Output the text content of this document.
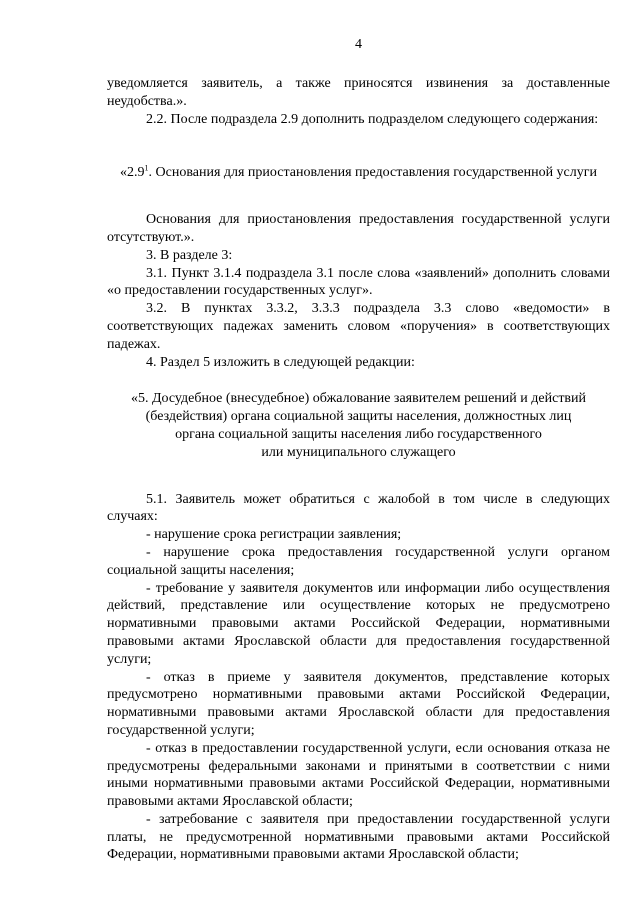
4

уведомляется заявитель, а также приносятся извинения за доставленные неудобства.».

2.2. После подраздела 2.9 дополнить подразделом следующего содержания:

«$2.9^1$. Основания для приостановления предоставления государственной услуги

Основания для приостановления предоставления государственной услуги отсутствуют.».

3. В разделе 3:

3.1. Пункт 3.1.4 подраздела 3.1 после слова «заявлений» дополнить словами «о предоставлении государственных услуг».

3.2. В пунктах 3.3.2, 3.3.3 подраздела 3.3 слово «ведомости» в соответствующих падежах заменить словом «поручения» в соответствующих падежах.

4. Раздел 5 изложить в следующей редакции:

«5. Досудебное (внесудебное) обжалование заявителем решений и действий
(бездействия) органа социальной защиты населения, должностных лиц
органа социальной защиты населения либо государственного
или муниципального служащего

5.1. Заявитель может обратиться с жалобой в том числе в следующих случаях:

- нарушение срока регистрации заявления;

- нарушение срока предоставления государственной услуги органом социальной защиты населения;

- требование у заявителя документов или информации либо осуществления действий, представление или осуществление которых не предусмотрено нормативными правовыми актами Российской Федерации, нормативными правовыми актами Ярославской области для предоставления государственной услуги;

- отказ в приеме у заявителя документов, представление которых предусмотрено нормативными правовыми актами Российской Федерации, нормативными правовыми актами Ярославской области для предоставления государственной услуги;

- отказ в предоставлении государственной услуги, если основания отказа не предусмотрены федеральными законами и принятыми в соответствии с ними иными нормативными правовыми актами Российской Федерации, нормативными правовыми актами Ярославской области;

- затребование с заявителя при предоставлении государственной услуги платы, не предусмотренной нормативными правовыми актами Российской Федерации, нормативными правовыми актами Ярославской области;
